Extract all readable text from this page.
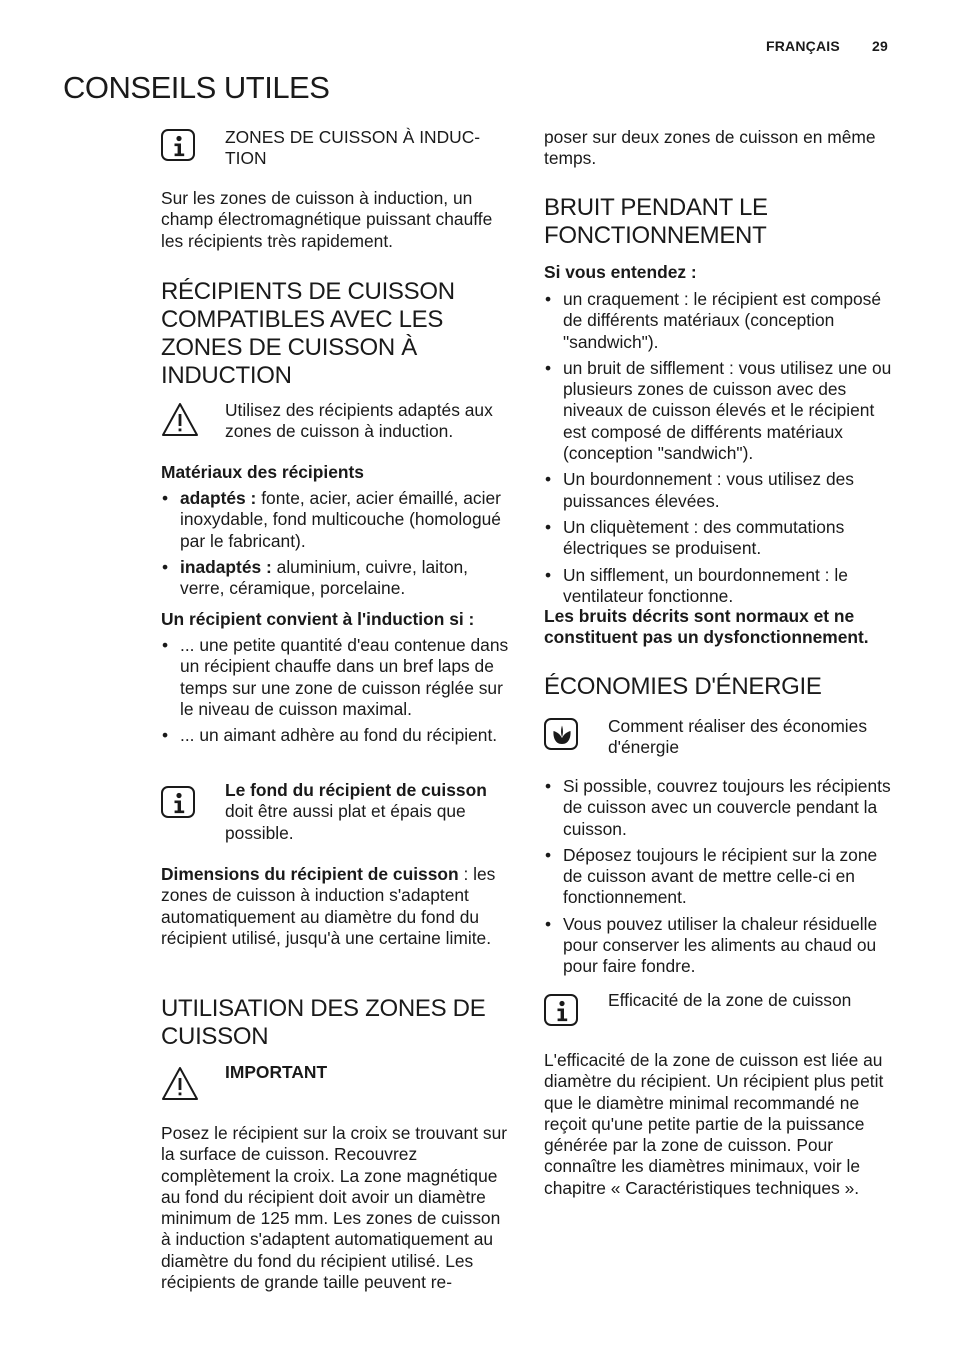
FRANÇAIS 29
CONSEILS UTILES
ZONES DE CUISSON À INDUC-
TION

Sur les zones de cuisson à induction, un champ électromagnétique puissant chauffe les récipients très rapidement.

RÉCIPIENTS DE CUISSON COMPATIBLES AVEC LES ZONES DE CUISSON À INDUCTION
Utilisez des récipients adaptés aux zones de cuisson à induction.

Matériaux des récipients

• adaptés : fonte, acier, acier émaillé, acier inoxydable, fond multicouche (homologué par le fabricant).
• inadaptés : aluminium, cuivre, laiton, verre, céramique, porcelaine.

Un récipient convient à l'induction si :

• ... une petite quantité d'eau contenue dans un récipient chauffe dans un bref laps de temps sur une zone de cuisson réglée sur le niveau de cuisson maximal.
• ... un aimant adhère au fond du récipient.
Le fond du récipient de cuisson doit être aussi plat et épais que possible.

Dimensions du récipient de cuisson : les zones de cuisson à induction s'adaptent automatiquement au diamètre du fond du récipient utilisé, jusqu'à une certaine limite.

UTILISATION DES ZONES DE CUISSON
IMPORTANT

Posez le récipient sur la croix se trouvant sur la surface de cuisson. Recouvrez complètement la croix. La zone magnétique au fond du récipient doit avoir un diamètre minimum de 125 mm. Les zones de cuisson à induction s'adaptent automatiquement au diamètre du fond du récipient utilisé. Les récipients de grande taille peuvent re-

poser sur deux zones de cuisson en même temps.

BRUIT PENDANT LE FONCTIONNEMENT

Si vous entendez :

• un craquement : le récipient est composé de différents matériaux (conception "sandwich").
• un bruit de sifflement : vous utilisez une ou plusieurs zones de cuisson avec des niveaux de cuisson élevés et le récipient est composé de différents matériaux (conception "sandwich").
• Un bourdonnement : vous utilisez des puissances élevées.
• Un cliquètement : des commutations électriques se produisent.
• Un sifflement, un bourdonnement : le ventilateur fonctionne.

Les bruits décrits sont normaux et ne constituent pas un dysfonctionnement.

ÉCONOMIES D'ÉNERGIE
Comment réaliser des économies d'énergie
• Si possible, couvrez toujours les récipients de cuisson avec un couvercle pendant la cuisson.
• Déposez toujours le récipient sur la zone de cuisson avant de mettre celle-ci en fonctionnement.
• Vous pouvez utiliser la chaleur résiduelle pour conserver les aliments au chaud ou pour faire fondre.
Efficacité de la zone de cuisson

L'efficacité de la zone de cuisson est liée au diamètre du récipient. Un récipient plus petit que le diamètre minimal recommandé ne reçoit qu'une petite partie de la puissance générée par la zone de cuisson. Pour connaître les diamètres minimaux, voir le chapitre « Caractéristiques techniques ».
